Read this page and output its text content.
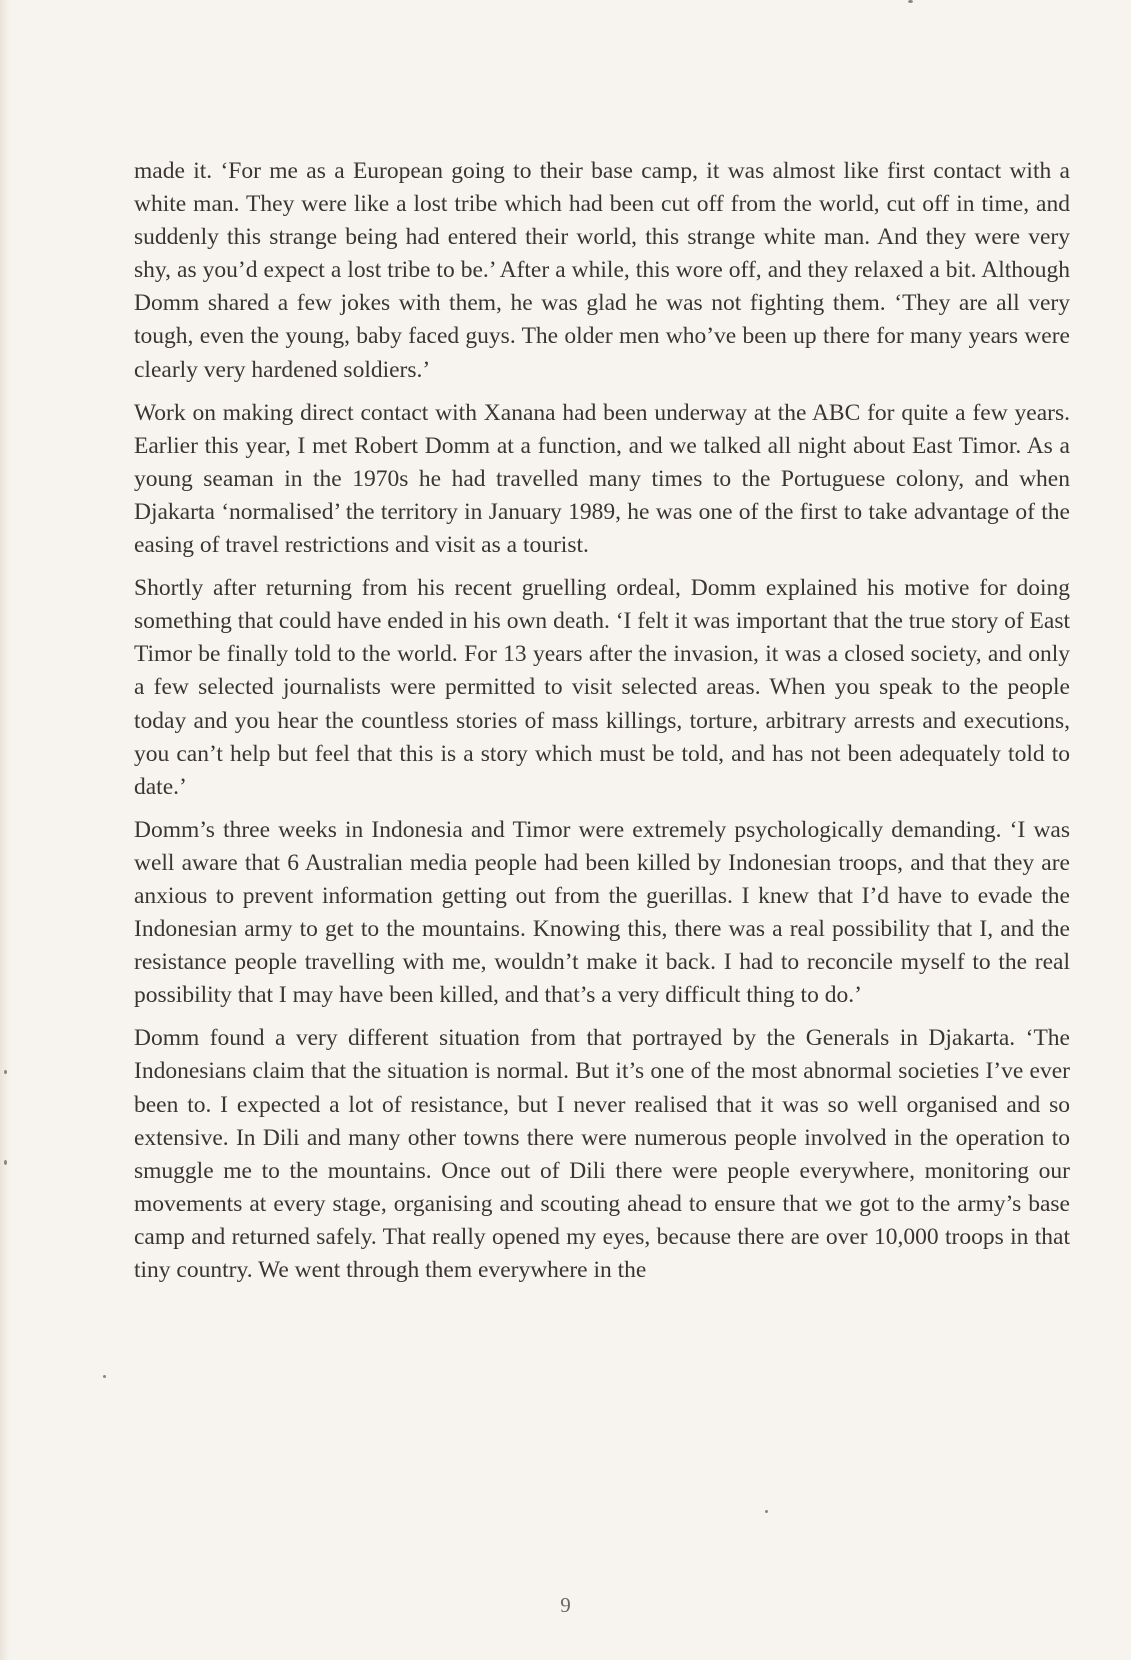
made it. ‘For me as a European going to their base camp, it was almost like first contact with a white man. They were like a lost tribe which had been cut off from the world, cut off in time, and suddenly this strange being had entered their world, this strange white man. And they were very shy, as you’d expect a lost tribe to be.’ After a while, this wore off, and they relaxed a bit. Although Domm shared a few jokes with them, he was glad he was not fighting them. ‘They are all very tough, even the young, baby faced guys. The older men who’ve been up there for many years were clearly very hardened soldiers.’

Work on making direct contact with Xanana had been underway at the ABC for quite a few years. Earlier this year, I met Robert Domm at a function, and we talked all night about East Timor. As a young seaman in the 1970s he had travelled many times to the Portuguese colony, and when Djakarta ‘normalised’ the territory in January 1989, he was one of the first to take advantage of the easing of travel restrictions and visit as a tourist.

Shortly after returning from his recent gruelling ordeal, Domm explained his motive for doing something that could have ended in his own death. ‘I felt it was important that the true story of East Timor be finally told to the world. For 13 years after the invasion, it was a closed society, and only a few selected journalists were permitted to visit selected areas. When you speak to the people today and you hear the countless stories of mass killings, torture, arbitrary arrests and executions, you can’t help but feel that this is a story which must be told, and has not been adequately told to date.’

Domm’s three weeks in Indonesia and Timor were extremely psychologically demanding. ‘I was well aware that 6 Australian media people had been killed by Indonesian troops, and that they are anxious to prevent information getting out from the guerillas. I knew that I’d have to evade the Indonesian army to get to the mountains. Knowing this, there was a real possibility that I, and the resistance people travelling with me, wouldn’t make it back. I had to reconcile myself to the real possibility that I may have been killed, and that’s a very difficult thing to do.’

Domm found a very different situation from that portrayed by the Generals in Djakarta. ‘The Indonesians claim that the situation is normal. But it’s one of the most abnormal societies I’ve ever been to. I expected a lot of resistance, but I never realised that it was so well organised and so extensive. In Dili and many other towns there were numerous people involved in the operation to smuggle me to the mountains. Once out of Dili there were people everywhere, monitoring our movements at every stage, organising and scouting ahead to ensure that we got to the army’s base camp and returned safely. That really opened my eyes, because there are over 10,000 troops in that tiny country. We went through them everywhere in the

9
